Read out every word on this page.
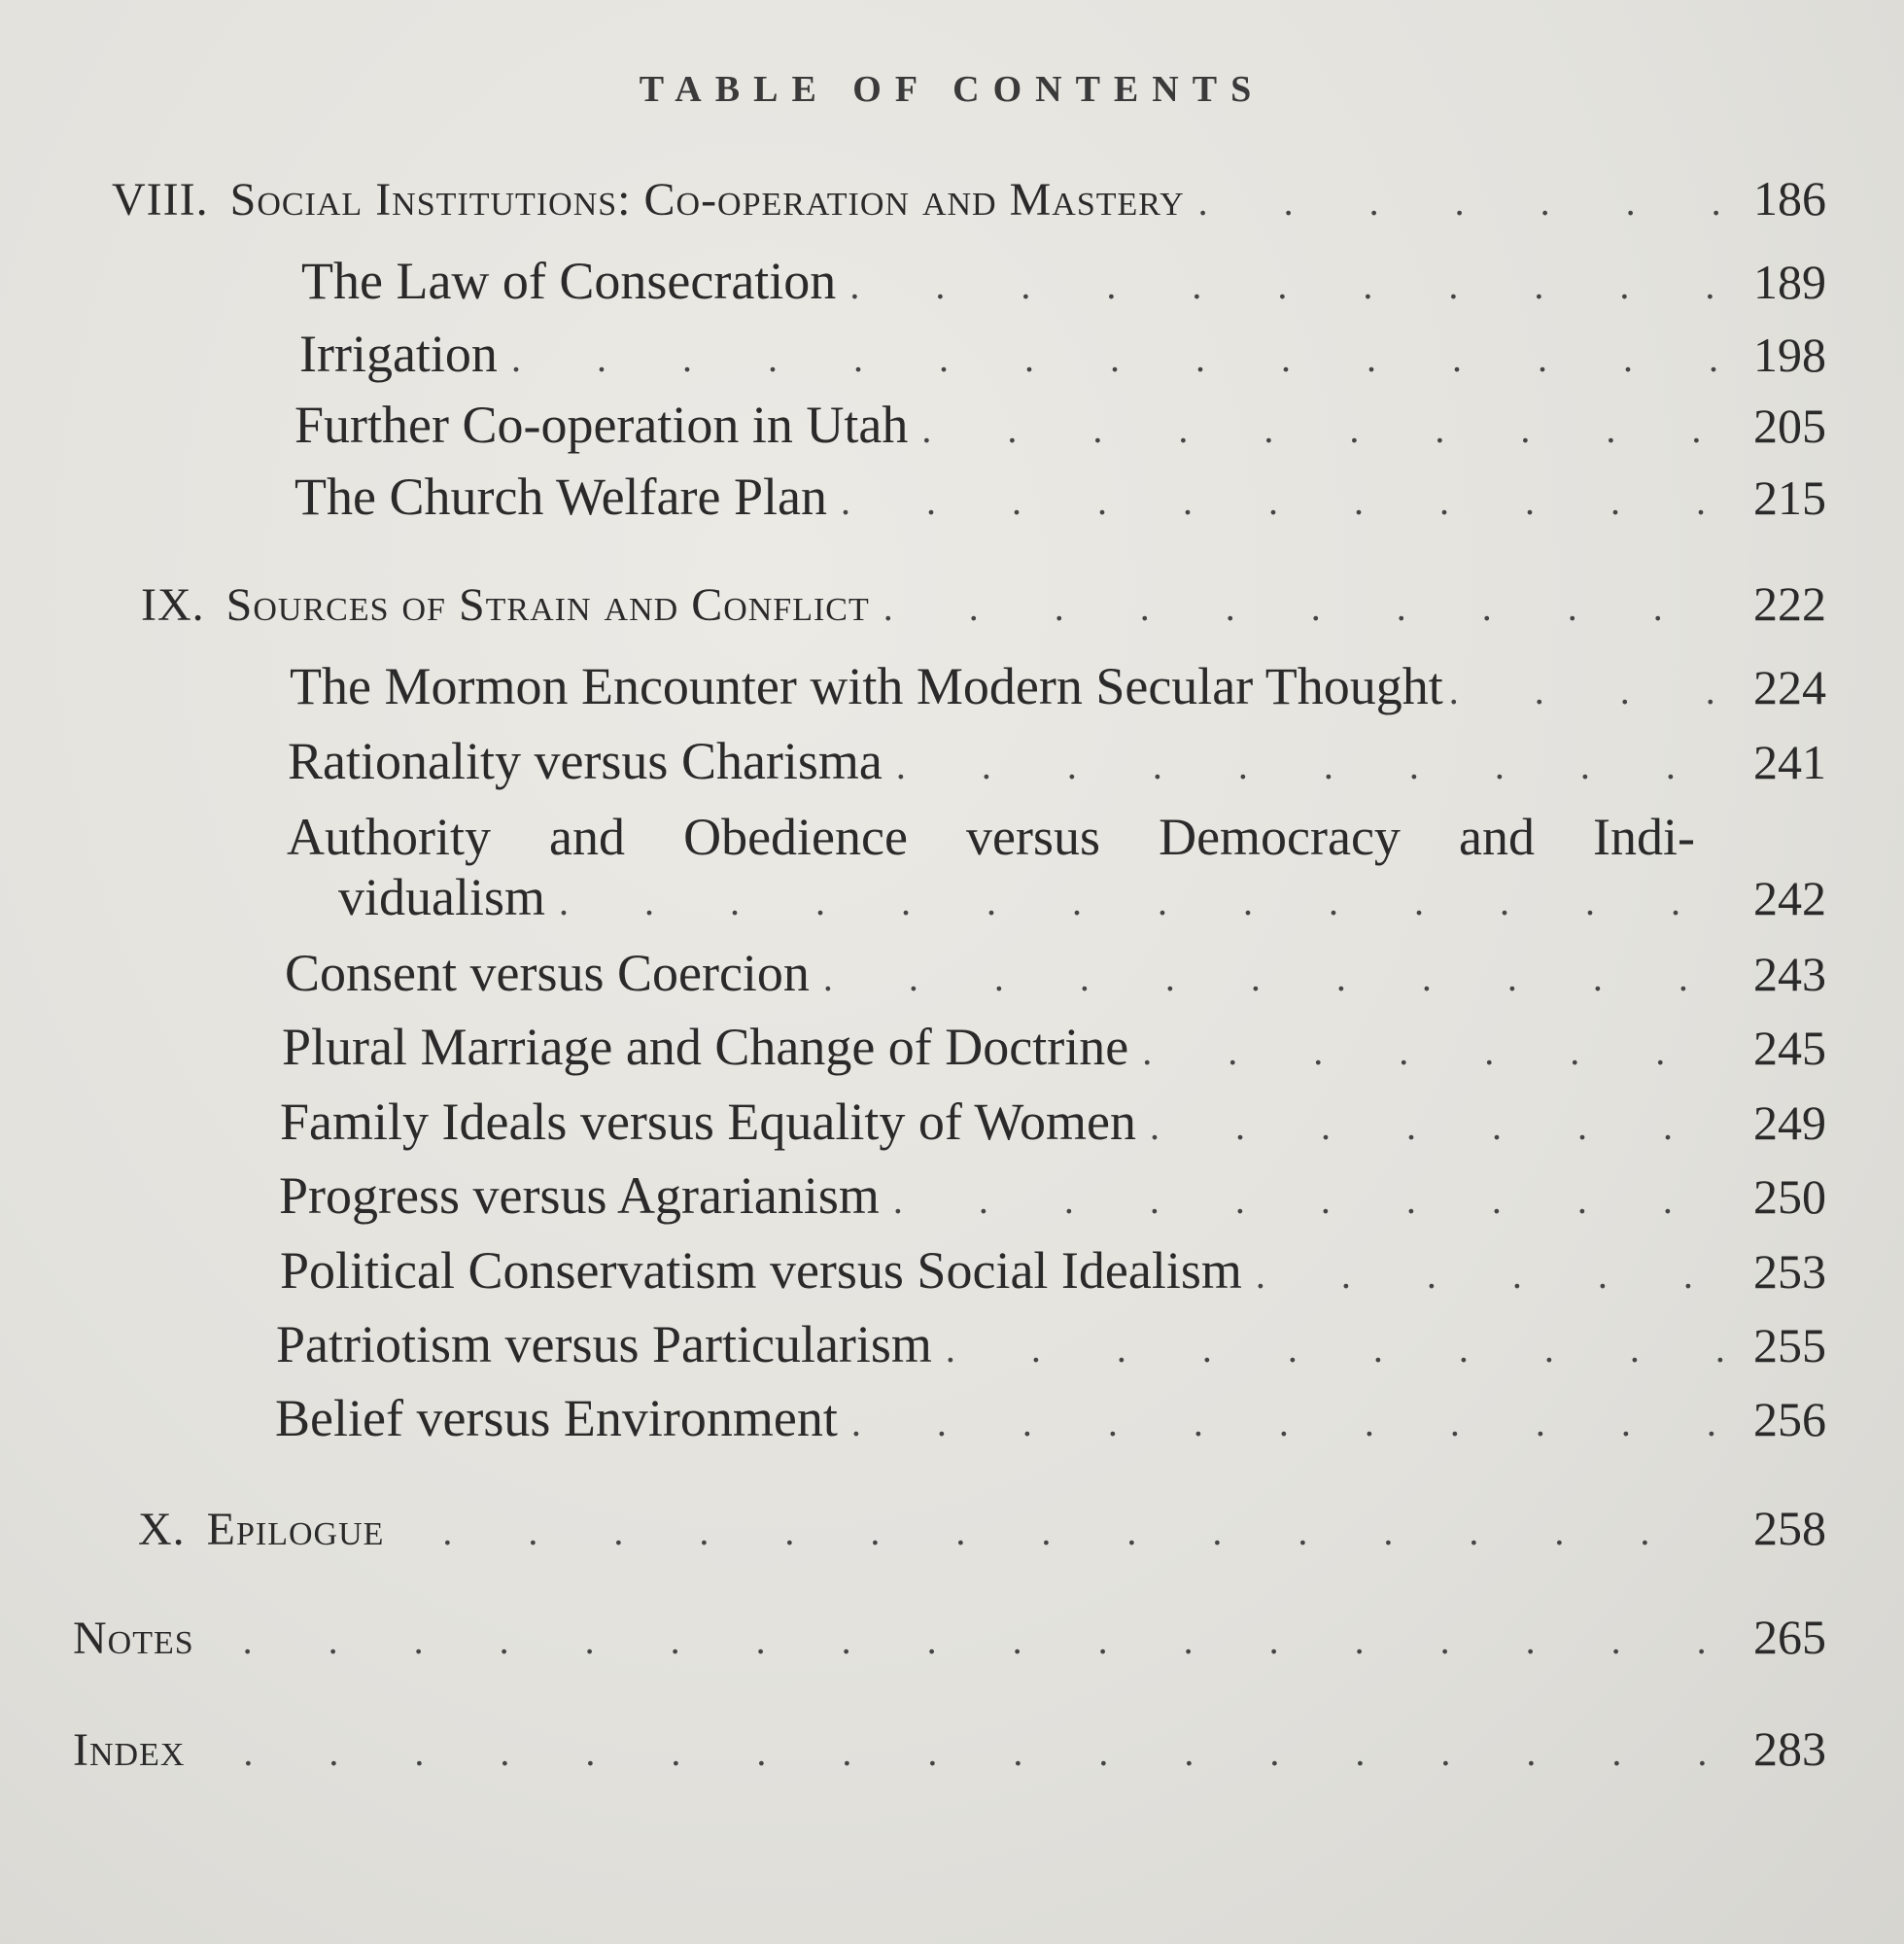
TABLE OF CONTENTS
VIII. Social Institutions: Co-operation and Mastery . . .	186
The Law of Consecration . . .	189
Irrigation . . .	198
Further Co-operation in Utah . . .	205
The Church Welfare Plan . . .	215
IX. Sources of Strain and Conflict . . .	222
The Mormon Encounter with Modern Secular Thought . . .	224
Rationality versus Charisma . . .	241
Authority and Obedience versus Democracy and Indi-
vidualism . . .	242
Consent versus Coercion . . .	243
Plural Marriage and Change of Doctrine . . .	245
Family Ideals versus Equality of Women . . .	249
Progress versus Agrarianism . . .	250
Political Conservatism versus Social Idealism . . .	253
Patriotism versus Particularism . . .	255
Belief versus Environment . . .	256
X. Epilogue . . .	258
Notes . . .	265
Index . . .	283
